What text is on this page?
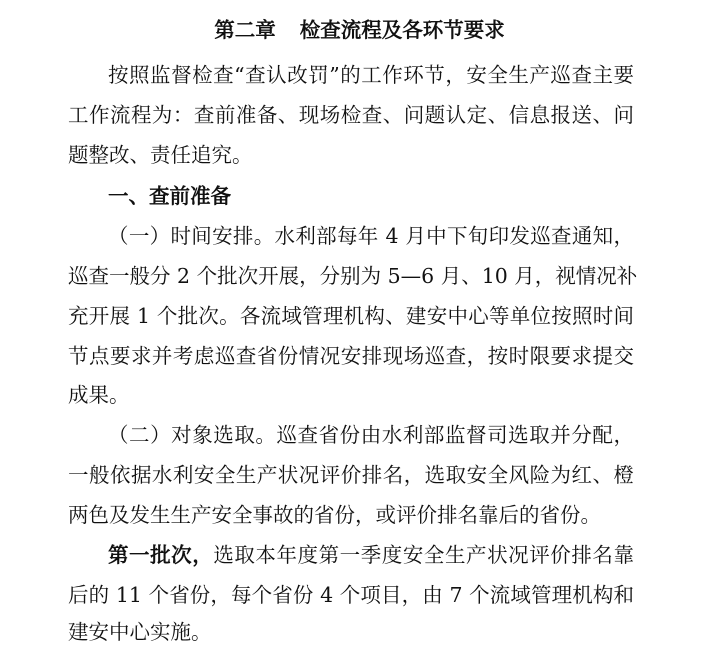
第二章 检查流程及各环节要求
按照监督检查“查认改罚”的工作环节，安全生产巡查主要
工作流程为：查前准备、现场检查、问题认定、信息报送、问
题整改、责任追究。
一、查前准备
（一）时间安排。水利部每年 4 月中下旬印发巡查通知，
巡查一般分 2 个批次开展，分别为 5—6 月、10 月，视情况补
充开展 1 个批次。各流域管理机构、建安中心等单位按照时间
节点要求并考虑巡查省份情况安排现场巡查，按时限要求提交
成果。
（二）对象选取。巡查省份由水利部监督司选取并分配，
一般依据水利安全生产状况评价排名，选取安全风险为红、橙
两色及发生生产安全事故的省份，或评价排名靠后的省份。
第一批次，选取本年度第一季度安全生产状况评价排名靠
后的 11 个省份，每个省份 4 个项目，由 7 个流域管理机构和
建安中心实施。
